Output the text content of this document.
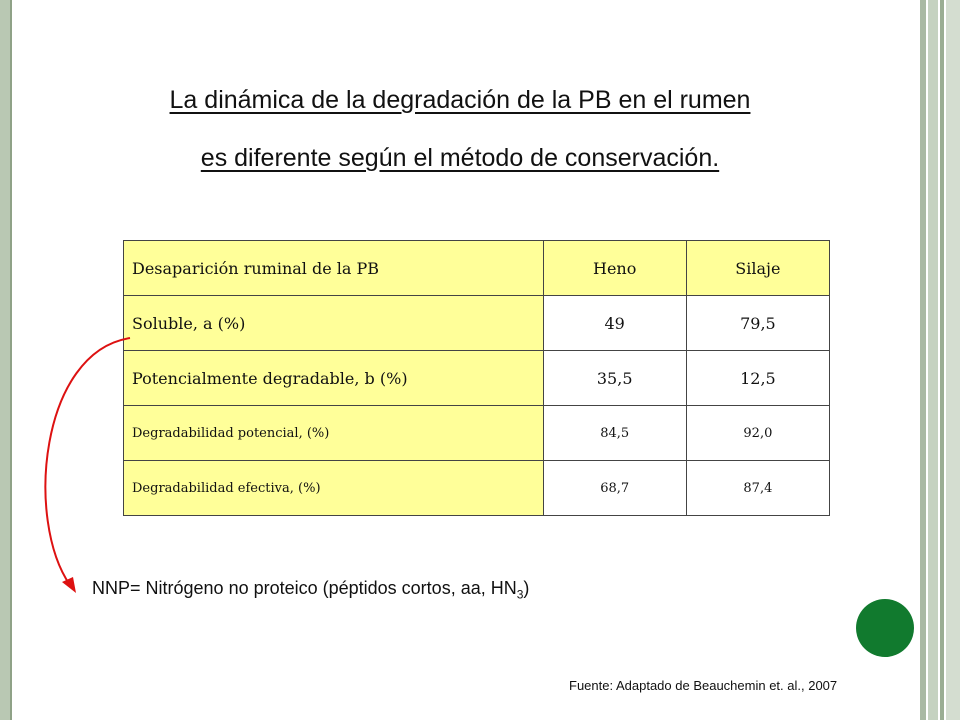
La dinámica de la degradación de la PB en el rumen
es diferente según el método de conservación.
Desaparición ruminal de la PB	Heno	Silaje
Soluble, a (%)	49	79,5
Potencialmente degradable, b (%)	35,5	12,5
Degradabilidad potencial, (%)	84,5	92,0
Degradabilidad efectiva, (%)	68,7	87,4
NNP= Nitrógeno no proteico (péptidos cortos, aa, $HN_3$)
Fuente: Adaptado de Beauchemin et. al., 2007
